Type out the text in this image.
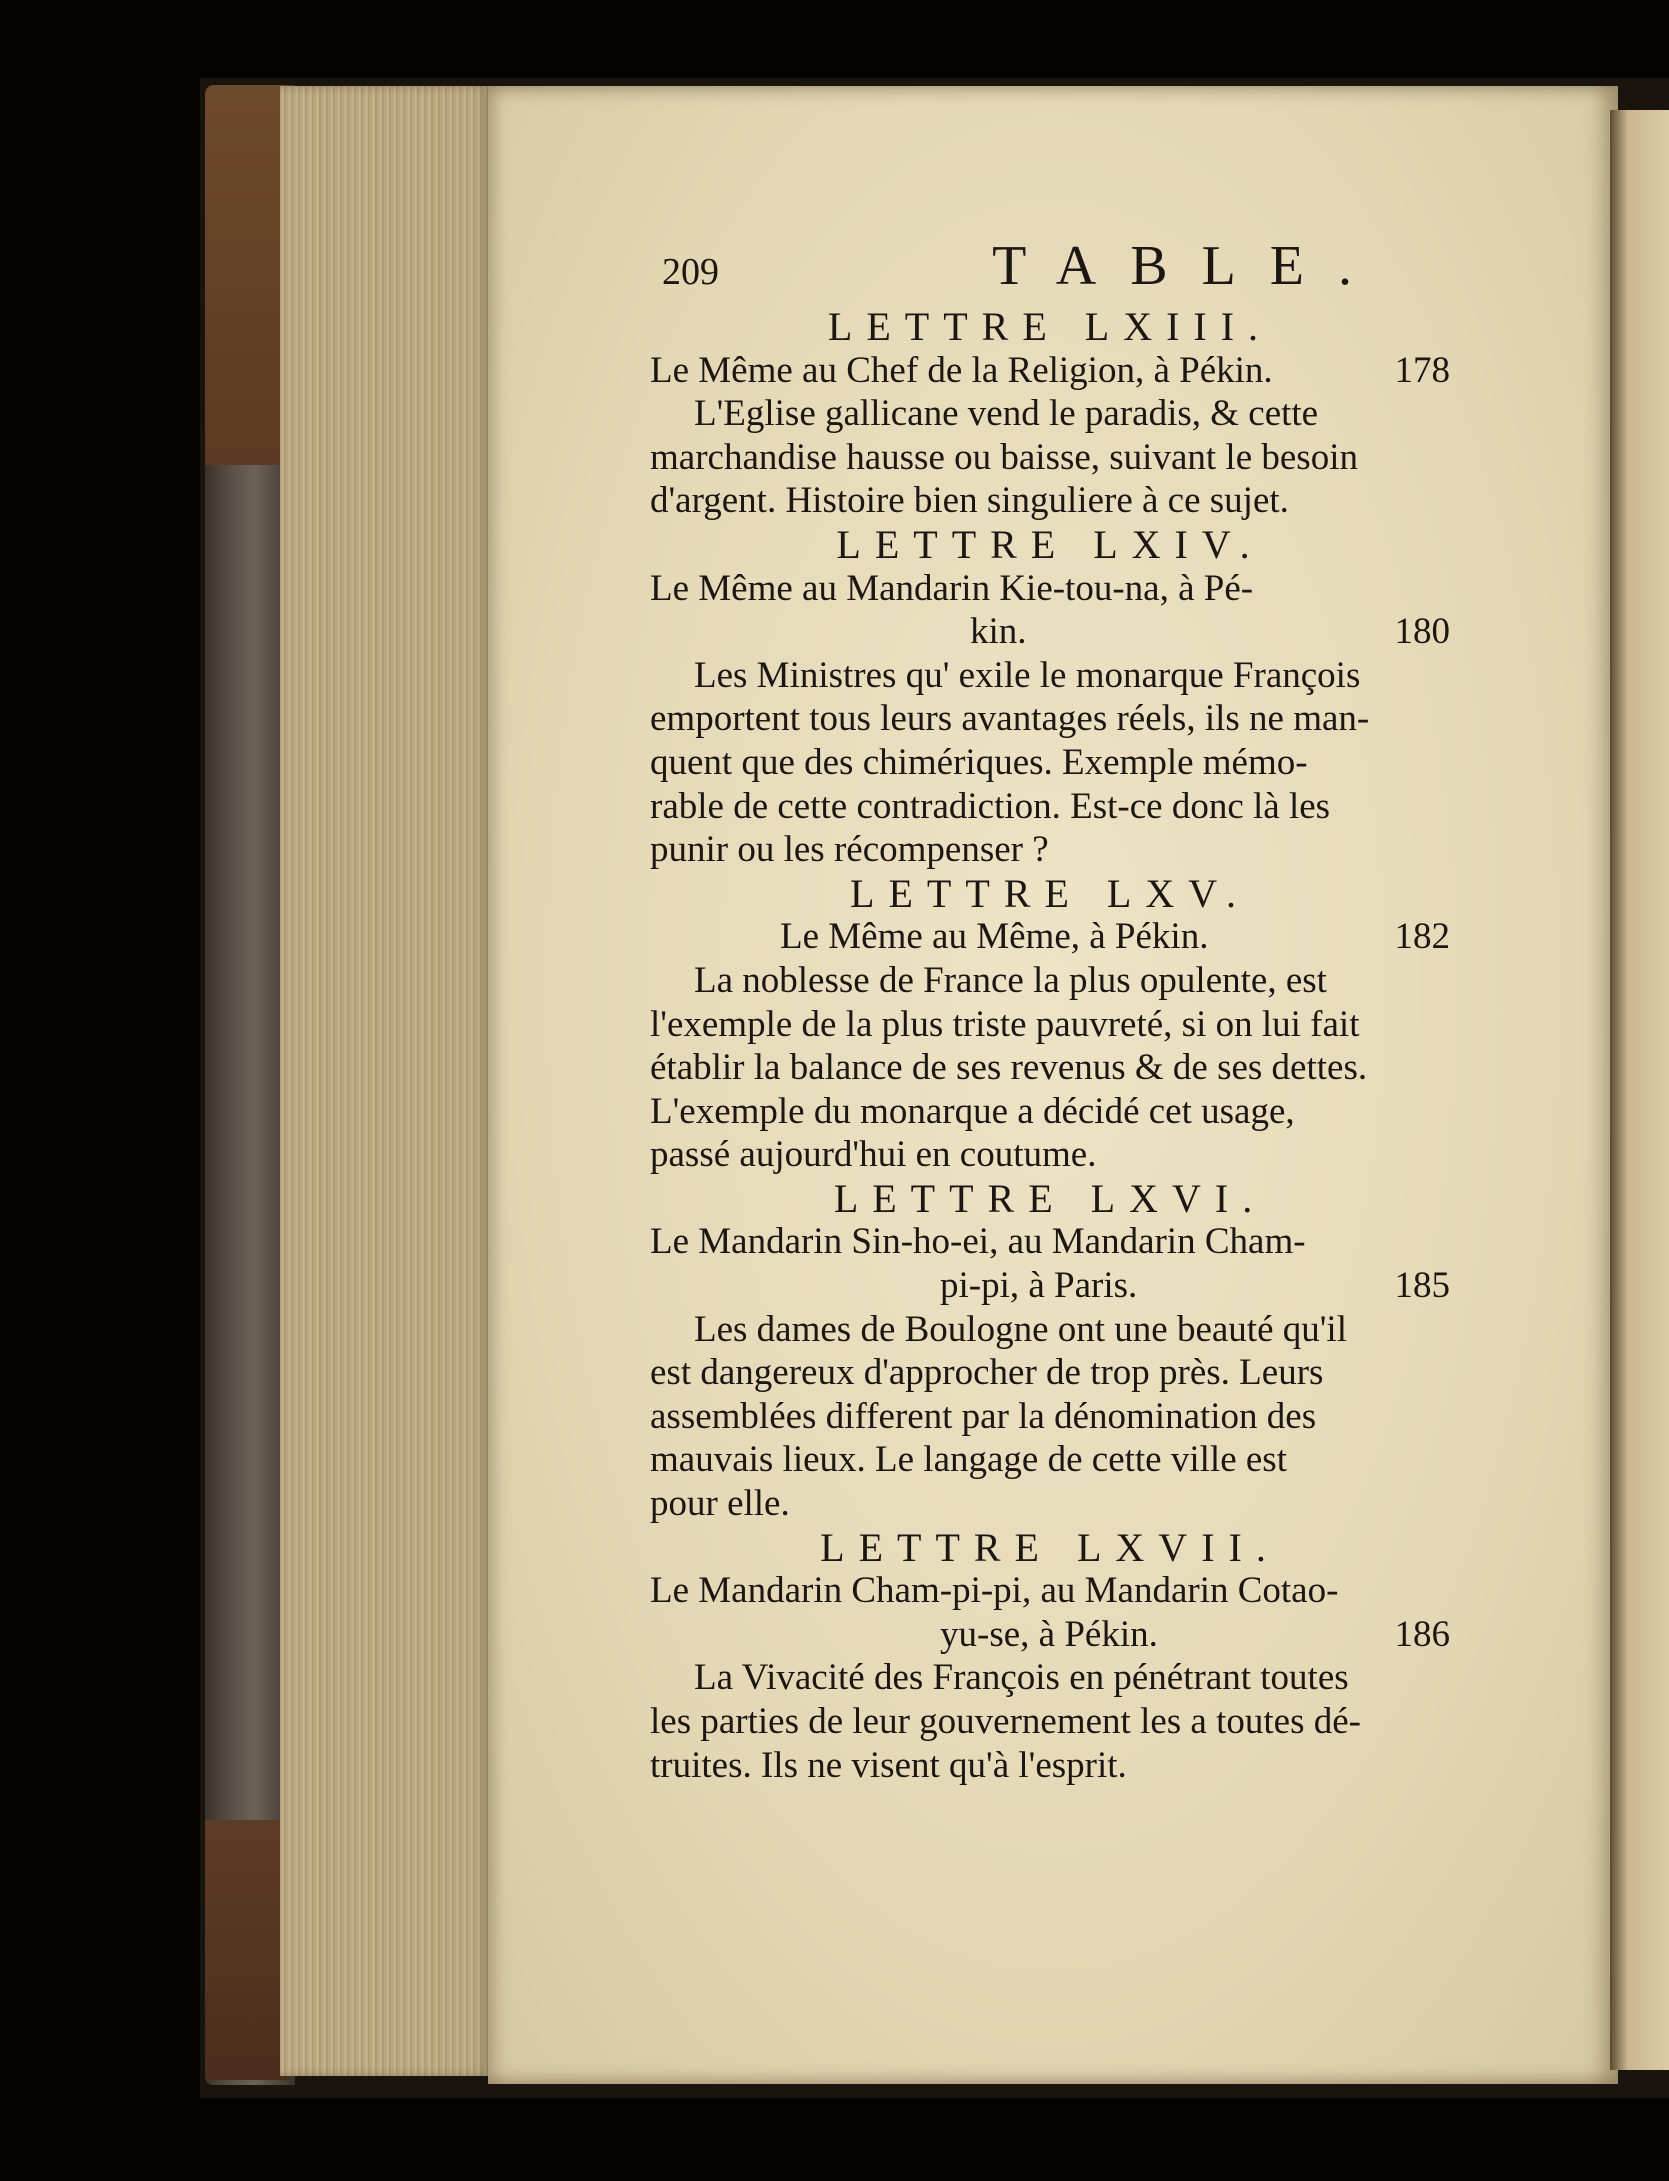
209	TABLE.
LETTRE LXIII.
Le Même au Chef de la Religion, à Pékin.	178
L'Eglise gallicane vend le paradis, & cette
marchandise hausse ou baisse, suivant le besoin
d'argent. Histoire bien singuliere à ce sujet.
LETTRE LXIV.
Le Même au Mandarin Kie-tou-na, à Pé-
kin.	180
Les Ministres qu' exile le monarque François
emportent tous leurs avantages réels, ils ne man-
quent que des chimériques. Exemple mémo-
rable de cette contradiction. Est-ce donc là les
punir ou les récompenser ?
LETTRE LXV.
Le Même au Même, à Pékin.	182
La noblesse de France la plus opulente, est
l'exemple de la plus triste pauvreté, si on lui fait
établir la balance de ses revenus & de ses dettes.
L'exemple du monarque a décidé cet usage,
passé aujourd'hui en coutume.
LETTRE LXVI.
Le Mandarin Sin-ho-ei, au Mandarin Cham-
pi-pi, à Paris.	185
Les dames de Boulogne ont une beauté qu'il
est dangereux d'approcher de trop près. Leurs
assemblées different par la dénomination des
mauvais lieux. Le langage de cette ville est
pour elle.
LETTRE LXVII.
Le Mandarin Cham-pi-pi, au Mandarin Cotao-
yu-se, à Pékin.	186
La Vivacité des François en pénétrant toutes
les parties de leur gouvernement les a toutes dé-
truites. Ils ne visent qu'à l'esprit.
